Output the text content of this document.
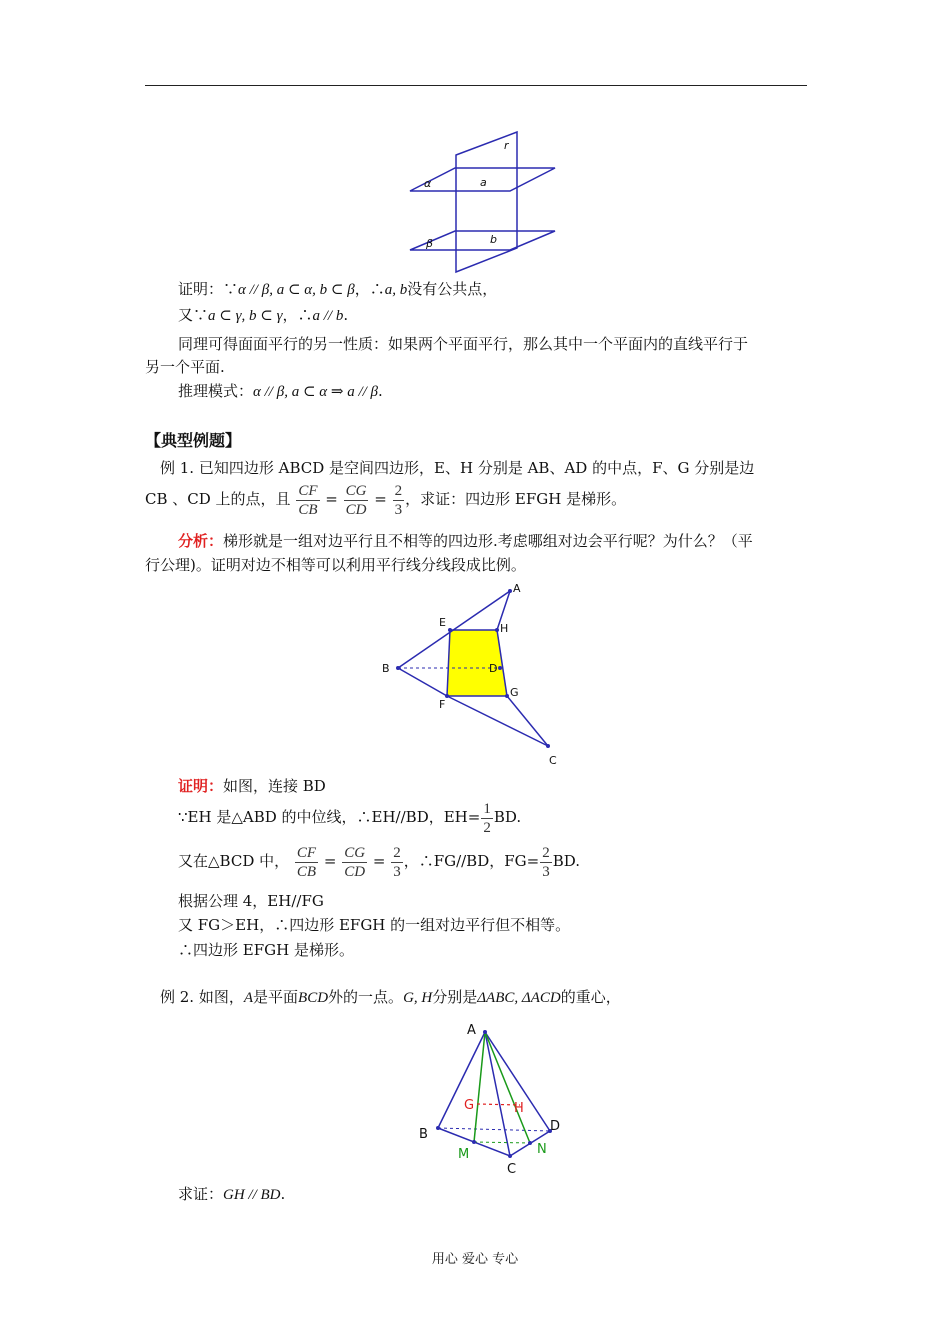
r
α	a
β	b
证明：∵α // β, a ⊂ α, b ⊂ β，∴a, b没有公共点，
又∵a ⊂ γ, b ⊂ γ，∴a // b.
同理可得面面平行的另一性质：如果两个平面平行，那么其中一个平面内的直线平行于
另一个平面.
推理模式：α // β, a ⊂ α ⇒ a // β.
【典型例题】
例 1. 已知四边形 ABCD 是空间四边形，E、H 分别是 AB、AD 的中点，F、G 分别是边
CB 、CD 上的点，且 $\frac{CF}{CB} = \frac{CG}{CD} = \frac{2}{3}$ ，求证：四边形 EFGH 是梯形。
分析：梯形就是一组对边平行且不相等的四边形.考虑哪组对边会平行呢？为什么？（平
行公理)。证明对边不相等可以利用平行线分线段成比例。
A
E	H
B	D
F
G
C
证明：如图，连接 BD
∵EH 是△ABD 的中位线，∴EH//BD，$EH= \frac{1}{2}$ BD.
又在△BCD 中， $\frac{CF}{CB} = \frac{CG}{CD} = \frac{2}{3}$ ，∴FG//BD，$FG= \frac{2}{3}$ BD.
根据公理 4，EH//FG
又 FG＞EH，∴四边形 EFGH 的一组对边平行但不相等。
∴四边形 EFGH 是梯形。
例 2. 如图，A是平面BCD外的一点。G, H分别是ΔABC, ΔACD的重心，
A
G	H
B
D
M	N
C
求证：GH // BD.
用心 爱心 专心
